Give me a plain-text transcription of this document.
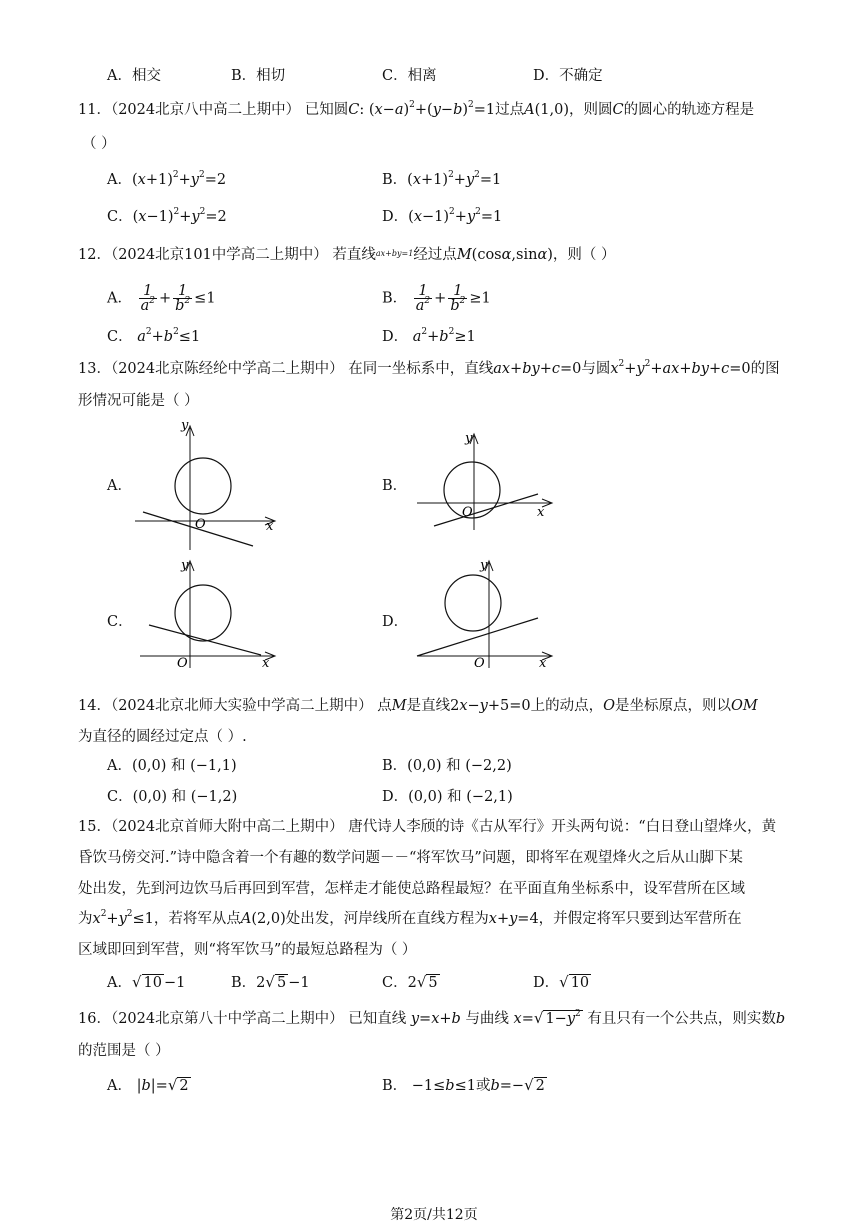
A．相交	B．相切	C．相离	D．不确定
11．（2024北京八中高二上期中） 已知圆C: $(x-a)^2+(y-b)^2=1$过点A(1,0)，则圆C的圆心的轨迹方程是
（ ）
A．$(x+1)^2+y^2=2$	B．$(x+1)^2+y^2=1$
C．$(x-1)^2+y^2=2$	D．$(x-1)^2+y^2=1$
12．（2024北京101中学高二上期中） 若直线$^{ax+by=1}$经过点M(cosα,sinα)，则（ ）
A． $\frac{1}{a^2} + \frac{1}{b^2} \le 1$	B． $\frac{1}{a^2} + \frac{1}{b^2} \ge 1$
C． $a^2+b^2\le 1$	D． $a^2+b^2\ge 1$
13．（2024北京陈经纶中学高二上期中） 在同一坐标系中，直线ax+by+c=0与圆$x^2+y^2+ax+by+c=0$的图
形情况可能是（ ）
A．	B．
C．	D．
y
x
O
y
x
O
y
x
O
y
x
O
14．（2024北京北师大实验中学高二上期中） 点M是直线2x−y+5=0上的动点，O是坐标原点，则以OM
为直径的圆经过定点（ ）.
A．(0,0) 和 (−1,1)	B．(0,0) 和 (−2,2)
C．(0,0) 和 (−1,2)	D．(0,0) 和 (−2,1)
15．（2024北京首师大附中高二上期中） 唐代诗人李颀的诗《古从军行》开头两句说：“白日登山望烽火，黄
昏饮马傍交河.”诗中隐含着一个有趣的数学问题－－“将军饮马”问题，即将军在观望烽火之后从山脚下某
处出发，先到河边饮马后再回到军营，怎样走才能使总路程最短？在平面直角坐标系中，设军营所在区域
为$x^2+y^2\le 1$，若将军从点A(2,0)处出发，河岸线所在直线方程为x+y=4，并假定将军只要到达军营所在
区域即回到军营，则“将军饮马”的最短总路程为（ ）
A．√ 10 −1	B．2√ 5 −1	C．2√ 5	D．√ 10
16．（2024北京第八十中学高二上期中） 已知直线 y=x+b 与曲线 x=√ $1-y^2$ 有且只有一个公共点，则实数b
的范围是（ ）
A． |b|=√ 2	B． −1≤b≤1或b=−√ 2
第2页/共12页
